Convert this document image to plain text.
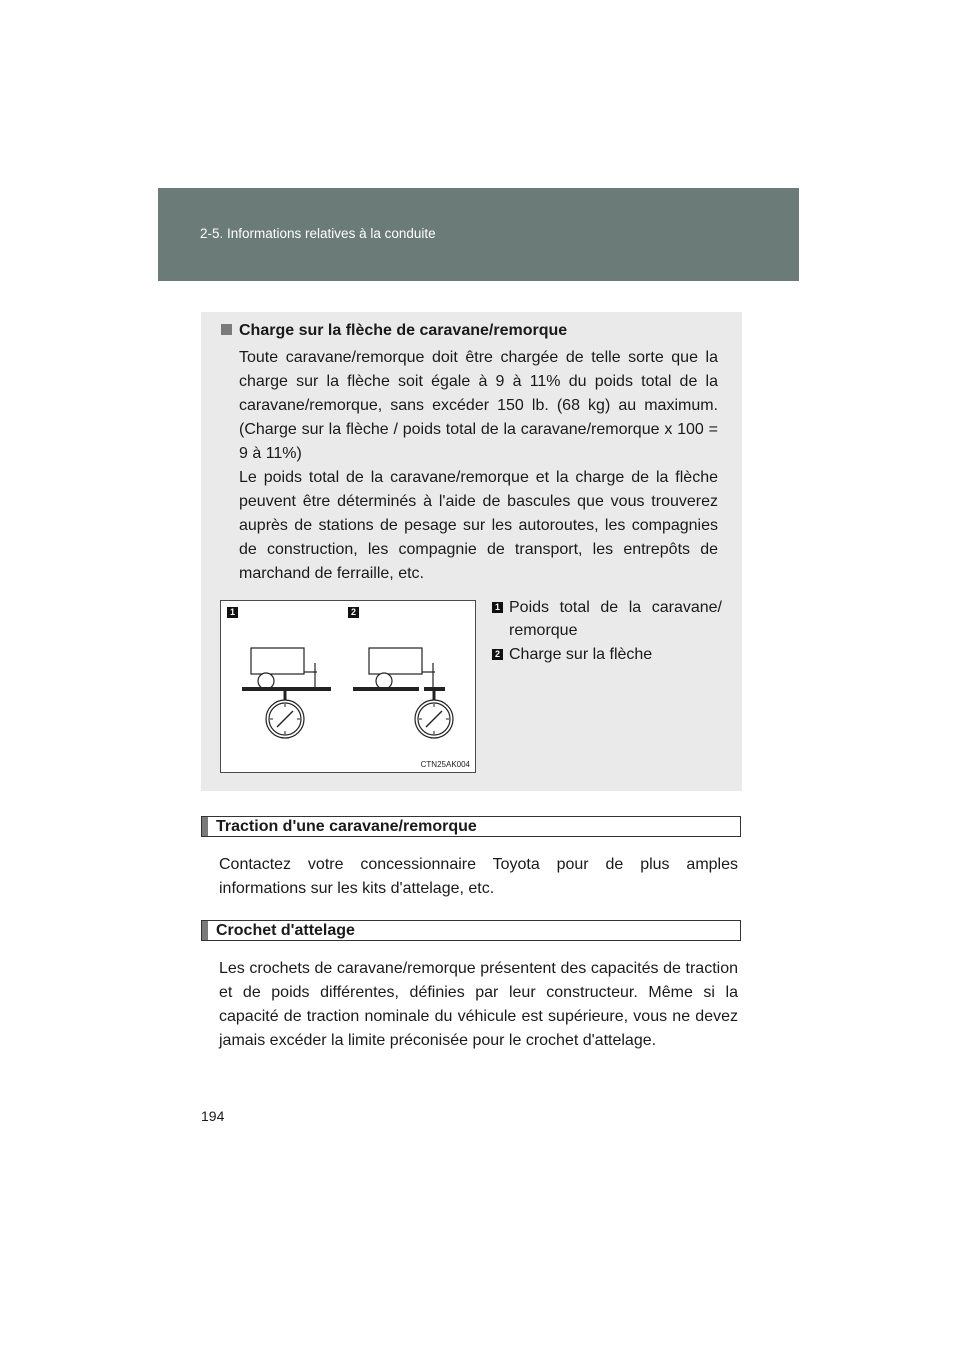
2-5. Informations relatives à la conduite
Charge sur la flèche de caravane/remorque

Toute caravane/remorque doit être chargée de telle sorte que la charge sur la flèche soit égale à 9 à 11% du poids total de la caravane/remorque, sans excéder 150 lb. (68 kg) au maximum. (Charge sur la flèche / poids total de la caravane/remorque x 100 = 9 à 11%)

Le poids total de la caravane/remorque et la charge de la flèche peuvent être déterminés à l'aide de bascules que vous trouverez auprès de stations de pesage sur les autoroutes, les compagnies de construction, les compagnie de transport, les entrepôts de marchand de ferraille, etc.

1	2
CTN25AK004
1 Poids total de la caravane/ remorque
2 Charge sur la flèche
Traction d'une caravane/remorque

Contactez votre concessionnaire Toyota pour de plus amples informations sur les kits d'attelage, etc.

Crochet d'attelage

Les crochets de caravane/remorque présentent des capacités de traction et de poids différentes, définies par leur constructeur. Même si la capacité de traction nominale du véhicule est supérieure, vous ne devez jamais excéder la limite préconisée pour le crochet d'attelage.

194
